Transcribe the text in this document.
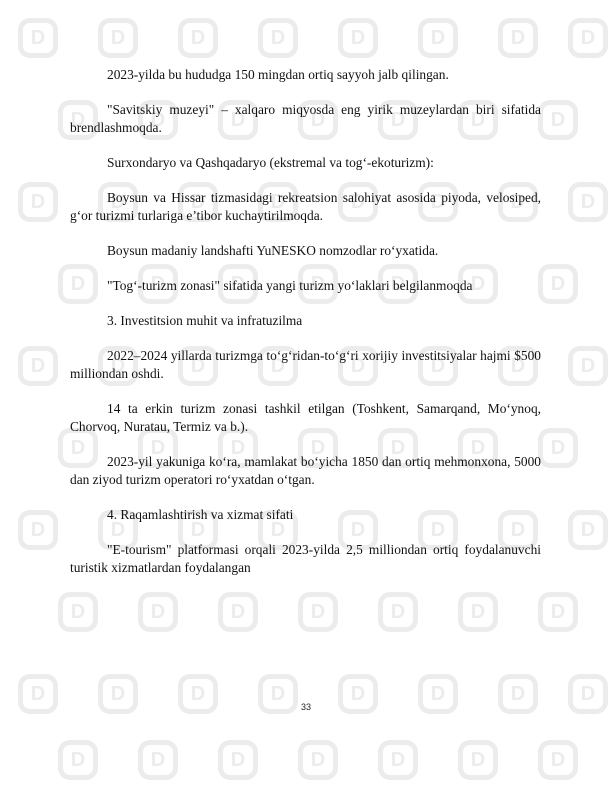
D
D
D
D
D
D
D
D
D
D
D
D
D
D
D
D
D
D
D
D
D
D
D
D
D
D
D
D
D
D
D
D
D
D
D
D
D
D
D
D
D
D
D
D
D
D
D
D
D
D
D
D
D
D
D
D
D
D
D
D
D
D
D
D
D
D
D
D
D
D
D
D
D
D
D

2023-yilda bu hududga 150 mingdan ortiq sayyoh jalb qilingan.

"Savitskiy muzeyi" – xalqaro miqyosda eng yirik muzeylardan biri sifatida brendlashmoqda.

Surxondaryo va Qashqadaryo (ekstremal va tog‘-ekoturizm):

Boysun va Hissar tizmasidagi rekreatsion salohiyat asosida piyoda, velosiped, g‘or turizmi turlariga e’tibor kuchaytirilmoqda.

Boysun madaniy landshafti YuNESKO nomzodlar ro‘yxatida.

"Tog‘-turizm zonasi" sifatida yangi turizm yo‘laklari belgilanmoqda

3. Investitsion muhit va infratuzilma

2022–2024 yillarda turizmga to‘g‘ridan-to‘g‘ri xorijiy investitsiyalar hajmi $500 milliondan oshdi.

14 ta erkin turizm zonasi tashkil etilgan (Toshkent, Samarqand, Mo‘ynoq, Chorvoq, Nuratau, Termiz va b.).

2023-yil yakuniga ko‘ra, mamlakat bo‘yicha 1850 dan ortiq mehmonxona, 5000 dan ziyod turizm operatori ro‘yxatdan o‘tgan.

4. Raqamlashtirish va xizmat sifati

"E-tourism" platformasi orqali 2023-yilda 2,5 milliondan ortiq foydalanuvchi turistik xizmatlardan foydalangan

33
